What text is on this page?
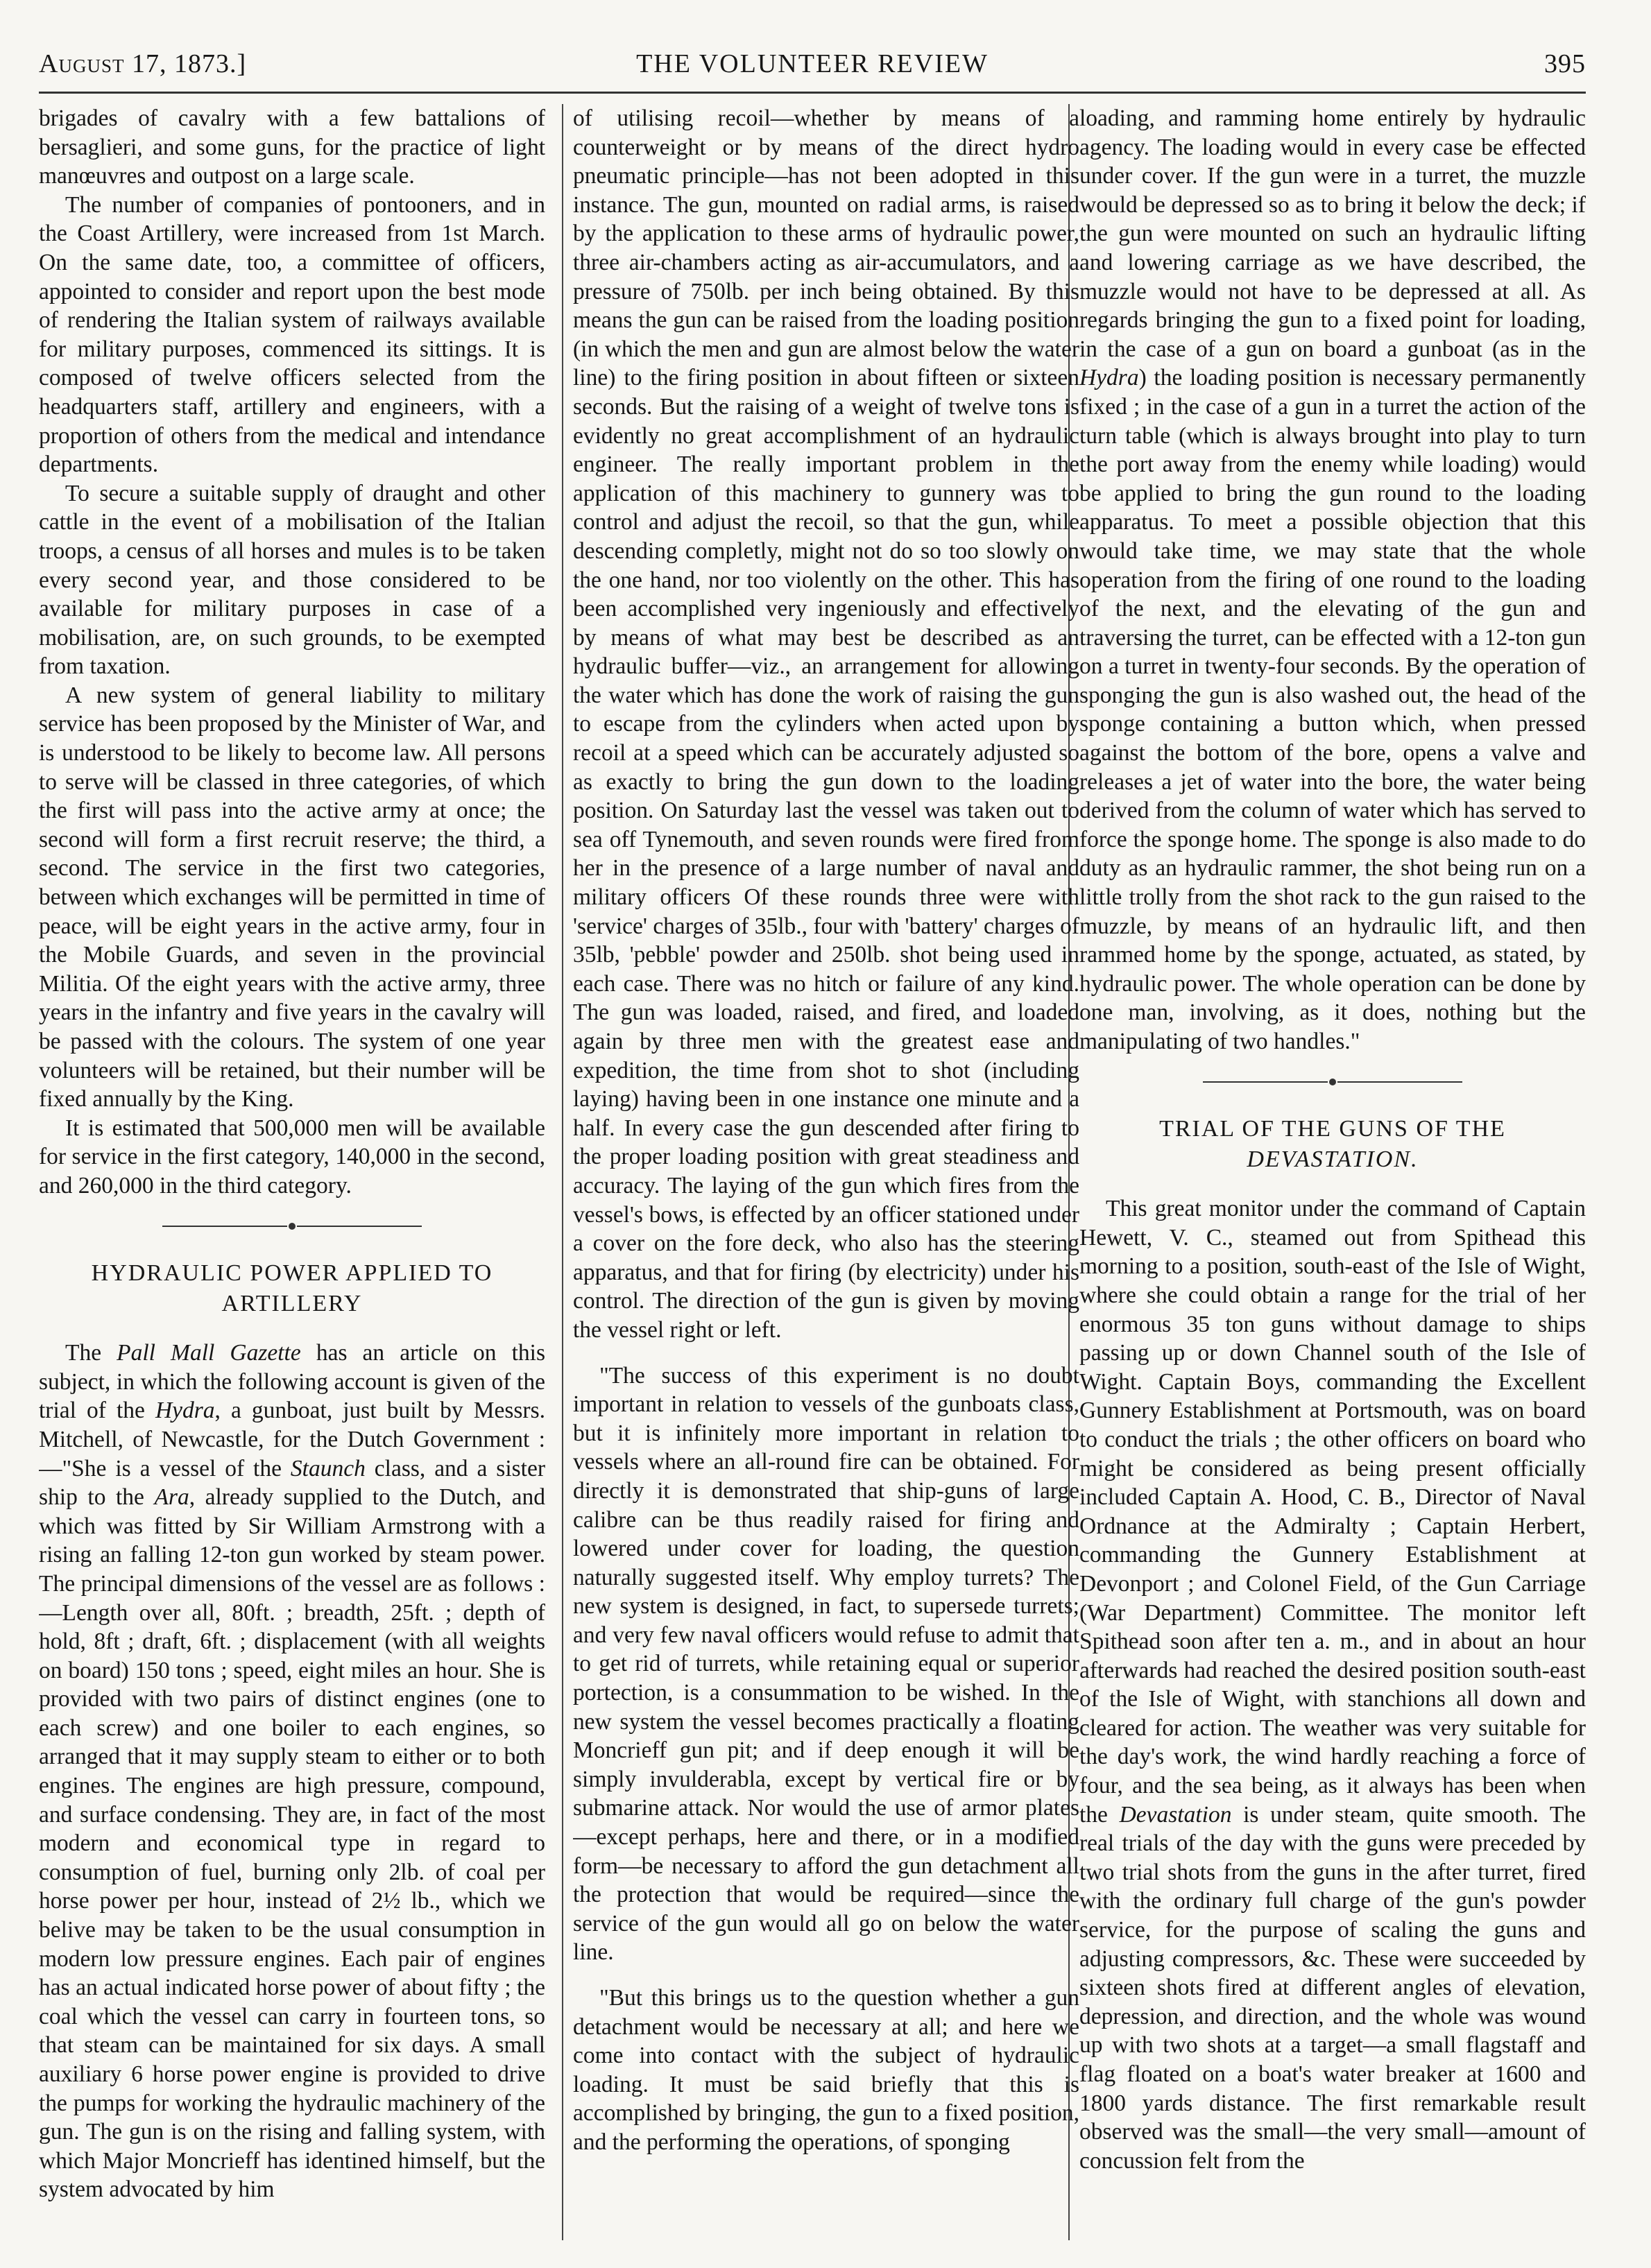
August 17, 1873.]	THE VOLUNTEER REVIEW	395

brigades of cavalry with a few battalions of bersaglieri, and some guns, for the practice of light manœuvres and outpost on a large scale.

The number of companies of pontooners, and in the Coast Artillery, were increased from 1st March. On the same date, too, a committee of officers, appointed to consider and report upon the best mode of rendering the Italian system of railways available for military purposes, commenced its sittings. It is composed of twelve officers selected from the headquarters staff, artillery and engineers, with a proportion of others from the medical and intendance departments.

To secure a suitable supply of draught and other cattle in the event of a mobilisation of the Italian troops, a census of all horses and mules is to be taken every second year, and those considered to be available for military purposes in case of a mobilisation, are, on such grounds, to be exempted from taxation.

A new system of general liability to military service has been proposed by the Minister of War, and is understood to be likely to become law. All persons to serve will be classed in three categories, of which the first will pass into the active army at once; the second will form a first recruit reserve; the third, a second. The service in the first two categories, between which exchanges will be permitted in time of peace, will be eight years in the active army, four in the Mobile Guards, and seven in the provincial Militia. Of the eight years with the active army, three years in the infantry and five years in the cavalry will be passed with the colours. The system of one year volunteers will be retained, but their number will be fixed annually by the King.

It is estimated that 500,000 men will be available for service in the first category, 140,000 in the second, and 260,000 in the third category.

HYDRAULIC POWER APPLIED TO ARTILLERY

The Pall Mall Gazette has an article on this subject, in which the following account is given of the trial of the Hydra, a gunboat, just built by Messrs. Mitchell, of Newcastle, for the Dutch Government :—"She is a vessel of the Staunch class, and a sister ship to the Ara, already supplied to the Dutch, and which was fitted by Sir William Armstrong with a rising an falling 12-ton gun worked by steam power. The principal dimensions of the vessel are as follows :—Length over all, 80ft. ; breadth, 25ft. ; depth of hold, 8ft ; draft, 6ft. ; displacement (with all weights on board) 150 tons ; speed, eight miles an hour. She is provided with two pairs of distinct engines (one to each screw) and one boiler to each engines, so arranged that it may supply steam to either or to both engines. The engines are high pressure, compound, and surface condensing. They are, in fact of the most modern and economical type in regard to consumption of fuel, burning only 2lb. of coal per horse power per hour, instead of 2½ lb., which we belive may be taken to be the usual consumption in modern low pressure engines. Each pair of engines has an actual indicated horse power of about fifty ; the coal which the vessel can carry in fourteen tons, so that steam can be maintained for six days. A small auxiliary 6 horse power engine is provided to drive the pumps for working the hydraulic machinery of the gun. The gun is on the rising and falling system, with which Major Moncrieff has identined himself, but the system advocated by him

of utilising recoil—whether by means of a counterweight or by means of the direct hydro pneumatic principle—has not been adopted in this instance. The gun, mounted on radial arms, is raised by the application to these arms of hydraulic power, three air-chambers acting as air-accumulators, and a pressure of 750lb. per inch being obtained. By this means the gun can be raised from the loading position (in which the men and gun are almost below the water line) to the firing position in about fifteen or sixteen seconds. But the raising of a weight of twelve tons is evidently no great accomplishment of an hydraulic engineer. The really important problem in the application of this machinery to gunnery was to control and adjust the recoil, so that the gun, while descending completly, might not do so too slowly on the one hand, nor too violently on the other. This has been accomplished very ingeniously and effectively by means of what may best be described as an hydraulic buffer—viz., an arrangement for allowing the water which has done the work of raising the gun to escape from the cylinders when acted upon by recoil at a speed which can be accurately adjusted so as exactly to bring the gun down to the loading position. On Saturday last the vessel was taken out to sea off Tynemouth, and seven rounds were fired from her in the presence of a large number of naval and military officers Of these rounds three were with 'service' charges of 35lb., four with 'battery' charges of 35lb, 'pebble' powder and 250lb. shot being used in each case. There was no hitch or failure of any kind. The gun was loaded, raised, and fired, and loaded again by three men with the greatest ease and expedition, the time from shot to shot (including laying) having been in one instance one minute and a half. In every case the gun descended after firing to the proper loading position with great steadiness and accuracy. The laying of the gun which fires from the vessel's bows, is effected by an officer stationed under a cover on the fore deck, who also has the steering apparatus, and that for firing (by electricity) under his control. The direction of the gun is given by moving the vessel right or left.

"The success of this experiment is no doubt important in relation to vessels of the gunboats class, but it is infinitely more important in relation to vessels where an all-round fire can be obtained. For directly it is demonstrated that ship-guns of large calibre can be thus readily raised for firing and lowered under cover for loading, the question naturally suggested itself. Why employ turrets? The new system is designed, in fact, to supersede turrets; and very few naval officers would refuse to admit that to get rid of turrets, while retaining equal or superior portection, is a consummation to be wished. In the new system the vessel becomes practically a floating Moncrieff gun pit; and if deep enough it will be simply invulderabla, except by vertical fire or by submarine attack. Nor would the use of armor plates—except perhaps, here and there, or in a modified form—be necessary to afford the gun detachment all the protection that would be required—since the service of the gun would all go on below the water line.

"But this brings us to the question whether a gun detachment would be necessary at all; and here we come into contact with the subject of hydraulic loading. It must be said briefly that this is accomplished by bringing, the gun to a fixed position, and the performing the operations, of sponging

loading, and ramming home entirely by hydraulic agency. The loading would in every case be effected under cover. If the gun were in a turret, the muzzle would be depressed so as to bring it below the deck; if the gun were mounted on such an hydraulic lifting and lowering carriage as we have described, the muzzle would not have to be depressed at all. As regards bringing the gun to a fixed point for loading, in the case of a gun on board a gunboat (as in the Hydra) the loading position is necessary permanently fixed ; in the case of a gun in a turret the action of the turn table (which is always brought into play to turn the port away from the enemy while loading) would be applied to bring the gun round to the loading apparatus. To meet a possible objection that this would take time, we may state that the whole operation from the firing of one round to the loading of the next, and the elevating of the gun and traversing the turret, can be effected with a 12-ton gun on a turret in twenty-four seconds. By the operation of sponging the gun is also washed out, the head of the sponge containing a button which, when pressed against the bottom of the bore, opens a valve and releases a jet of water into the bore, the water being derived from the column of water which has served to force the sponge home. The sponge is also made to do duty as an hydraulic rammer, the shot being run on a little trolly from the shot rack to the gun raised to the muzzle, by means of an hydraulic lift, and then rammed home by the sponge, actuated, as stated, by hydraulic power. The whole operation can be done by one man, involving, as it does, nothing but the manipulating of two handles."

TRIAL OF THE GUNS OF THE
DEVASTATION.

This great monitor under the command of Captain Hewett, V. C., steamed out from Spithead this morning to a position, south-east of the Isle of Wight, where she could obtain a range for the trial of her enormous 35 ton guns without damage to ships passing up or down Channel south of the Isle of Wight. Captain Boys, commanding the Excellent Gunnery Establishment at Portsmouth, was on board to conduct the trials ; the other officers on board who might be considered as being present officially included Captain A. Hood, C. B., Director of Naval Ordnance at the Admiralty ; Captain Herbert, commanding the Gunnery Establishment at Devonport ; and Colonel Field, of the Gun Carriage (War Department) Committee. The monitor left Spithead soon after ten a. m., and in about an hour afterwards had reached the desired position south-east of the Isle of Wight, with stanchions all down and cleared for action. The weather was very suitable for the day's work, the wind hardly reaching a force of four, and the sea being, as it always has been when the Devastation is under steam, quite smooth. The real trials of the day with the guns were preceded by two trial shots from the guns in the after turret, fired with the ordinary full charge of the gun's powder service, for the purpose of scaling the guns and adjusting compressors, &c. These were succeeded by sixteen shots fired at different angles of elevation, depression, and direction, and the whole was wound up with two shots at a target—a small flagstaff and flag floated on a boat's water breaker at 1600 and 1800 yards distance. The first remarkable result observed was the small—the very small—amount of concussion felt from the
